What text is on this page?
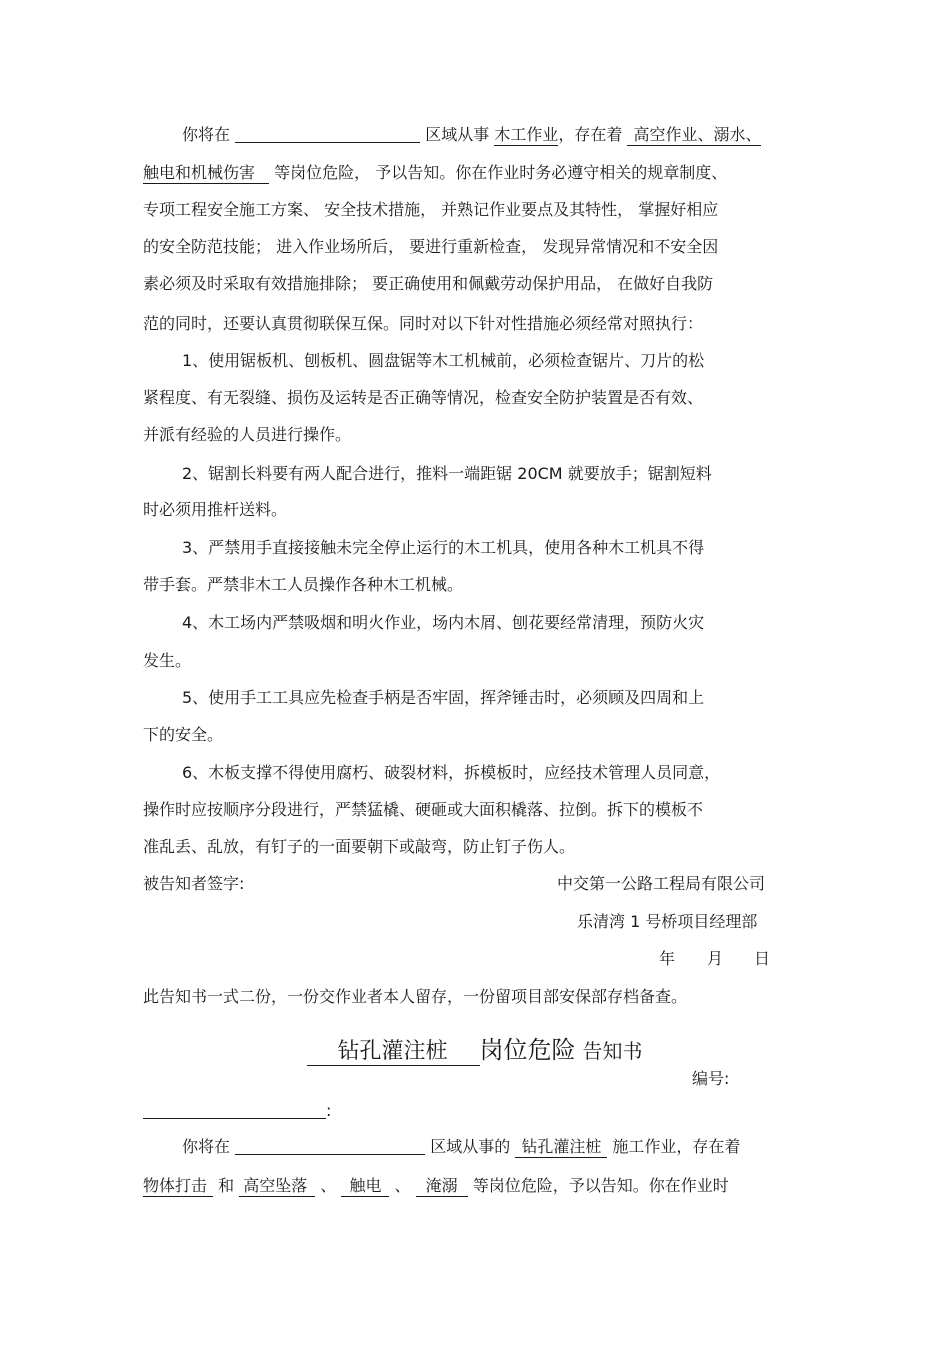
你将在	区域从事 木工作业，存在着 高空作业、溺水、
触电和机械伤害 等岗位危险， 予以告知。你在作业时务必遵守相关的规章制度、
专项工程安全施工方案、 安全技术措施， 并熟记作业要点及其特性， 掌握好相应
的安全防范技能； 进入作业场所后， 要进行重新检查， 发现异常情况和不安全因
素必须及时采取有效措施排除； 要正确使用和佩戴劳动保护用品， 在做好自我防
范的同时，还要认真贯彻联保互保。同时对以下针对性措施必须经常对照执行：
1、使用锯板机、刨板机、圆盘锯等木工机械前，必须检查锯片、刀片的松
紧程度、有无裂缝、损伤及运转是否正确等情况，检查安全防护装置是否有效、
并派有经验的人员进行操作。
2、锯割长料要有两人配合进行，推料一端距锯 20CM 就要放手；锯割短料
时必须用推杆送料。
3、严禁用手直接接触未完全停止运行的木工机具，使用各种木工机具不得
带手套。严禁非木工人员操作各种木工机械。
4、木工场内严禁吸烟和明火作业，场内木屑、刨花要经常清理，预防火灾
发生。
5、使用手工工具应先检查手柄是否牢固，挥斧锤击时，必须顾及四周和上
下的安全。
6、木板支撑不得使用腐朽、破裂材料，拆模板时，应经技术管理人员同意，
操作时应按顺序分段进行，严禁猛橇、硬砸或大面积橇落、拉倒。拆下的模板不
准乱丢、乱放，有钉子的一面要朝下或敲弯，防止钉子伤人。
被告知者签字:	中交第一公路工程局有限公司
乐清湾 1 号桥项目经理部
年 月 日
此告知书一式二份，一份交作业者本人留存，一份留项目部安保部存档备查。
钻孔灌注桩 岗位危险 告知书
编号:
:
你将在	区域从事的 钻孔灌注桩 施工作业，存在着
物体打击 和 高空坠落 、 触电 、 淹溺 等岗位危险，予以告知。你在作业时
